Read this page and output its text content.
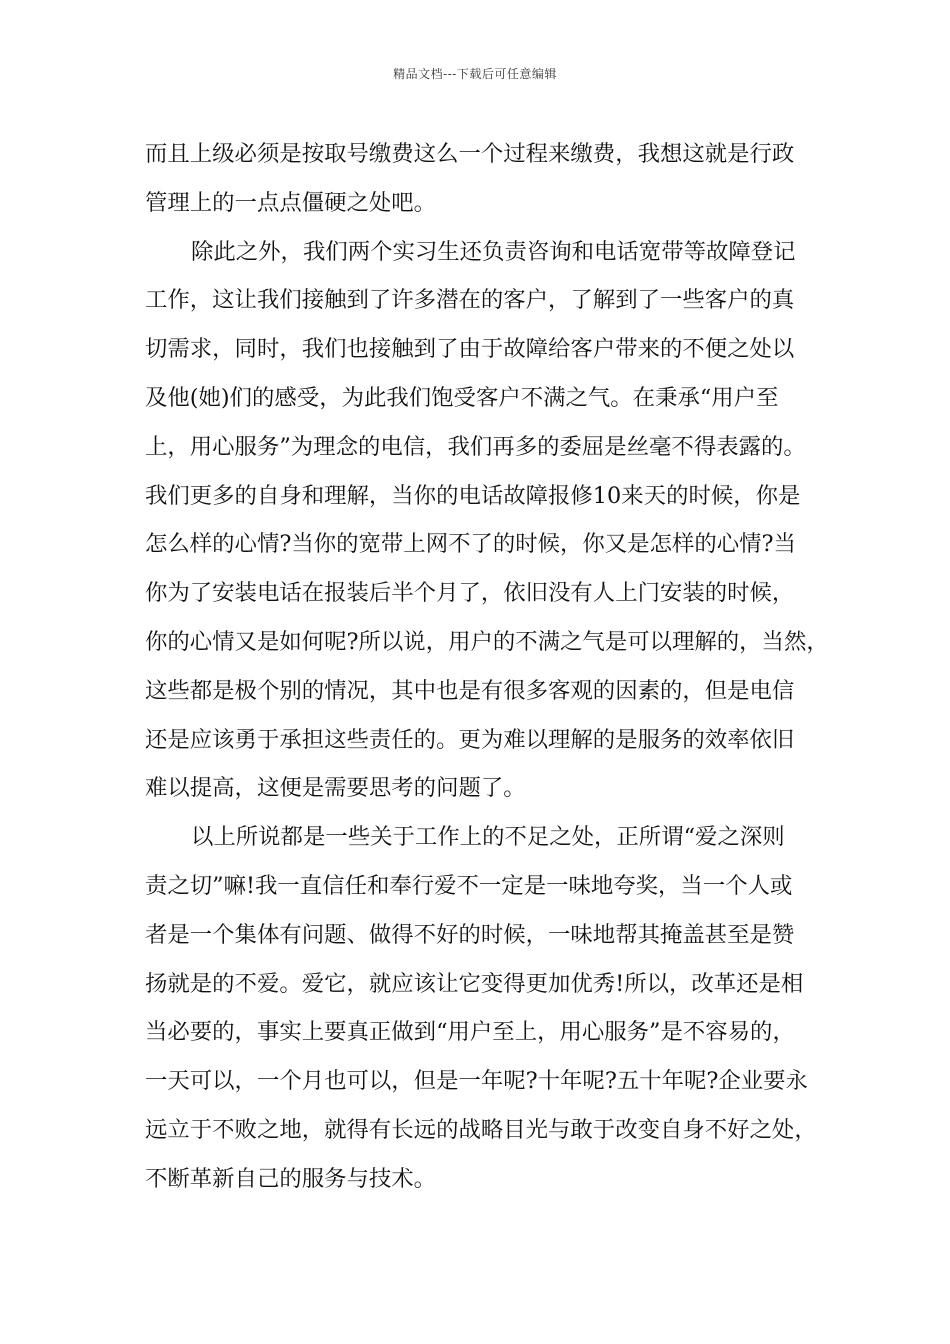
精品文档---下载后可任意编辑
而且上级必须是按取号缴费这么一个过程来缴费，我想这就是行政
管理上的一点点僵硬之处吧。
除此之外，我们两个实习生还负责咨询和电话宽带等故障登记
工作，这让我们接触到了许多潜在的客户，了解到了一些客户的真
切需求，同时，我们也接触到了由于故障给客户带来的不便之处以
及他(她)们的感受，为此我们饱受客户不满之气。在秉承“用户至
上，用心服务”为理念的电信，我们再多的委屈是丝毫不得表露的。
我们更多的自身和理解，当你的电话故障报修10来天的时候，你是
怎么样的心情?当你的宽带上网不了的时候，你又是怎样的心情?当
你为了安装电话在报装后半个月了，依旧没有人上门安装的时候，
你的心情又是如何呢?所以说，用户的不满之气是可以理解的，当然，
这些都是极个别的情况，其中也是有很多客观的因素的，但是电信
还是应该勇于承担这些责任的。更为难以理解的是服务的效率依旧
难以提高，这便是需要思考的问题了。
以上所说都是一些关于工作上的不足之处，正所谓“爱之深则
责之切”嘛!我一直信任和奉行爱不一定是一味地夸奖，当一个人或
者是一个集体有问题、做得不好的时候，一味地帮其掩盖甚至是赞
扬就是的不爱。爱它，就应该让它变得更加优秀!所以，改革还是相
当必要的，事实上要真正做到“用户至上，用心服务”是不容易的，
一天可以，一个月也可以，但是一年呢?十年呢?五十年呢?企业要永
远立于不败之地，就得有长远的战略目光与敢于改变自身不好之处，
不断革新自己的服务与技术。
